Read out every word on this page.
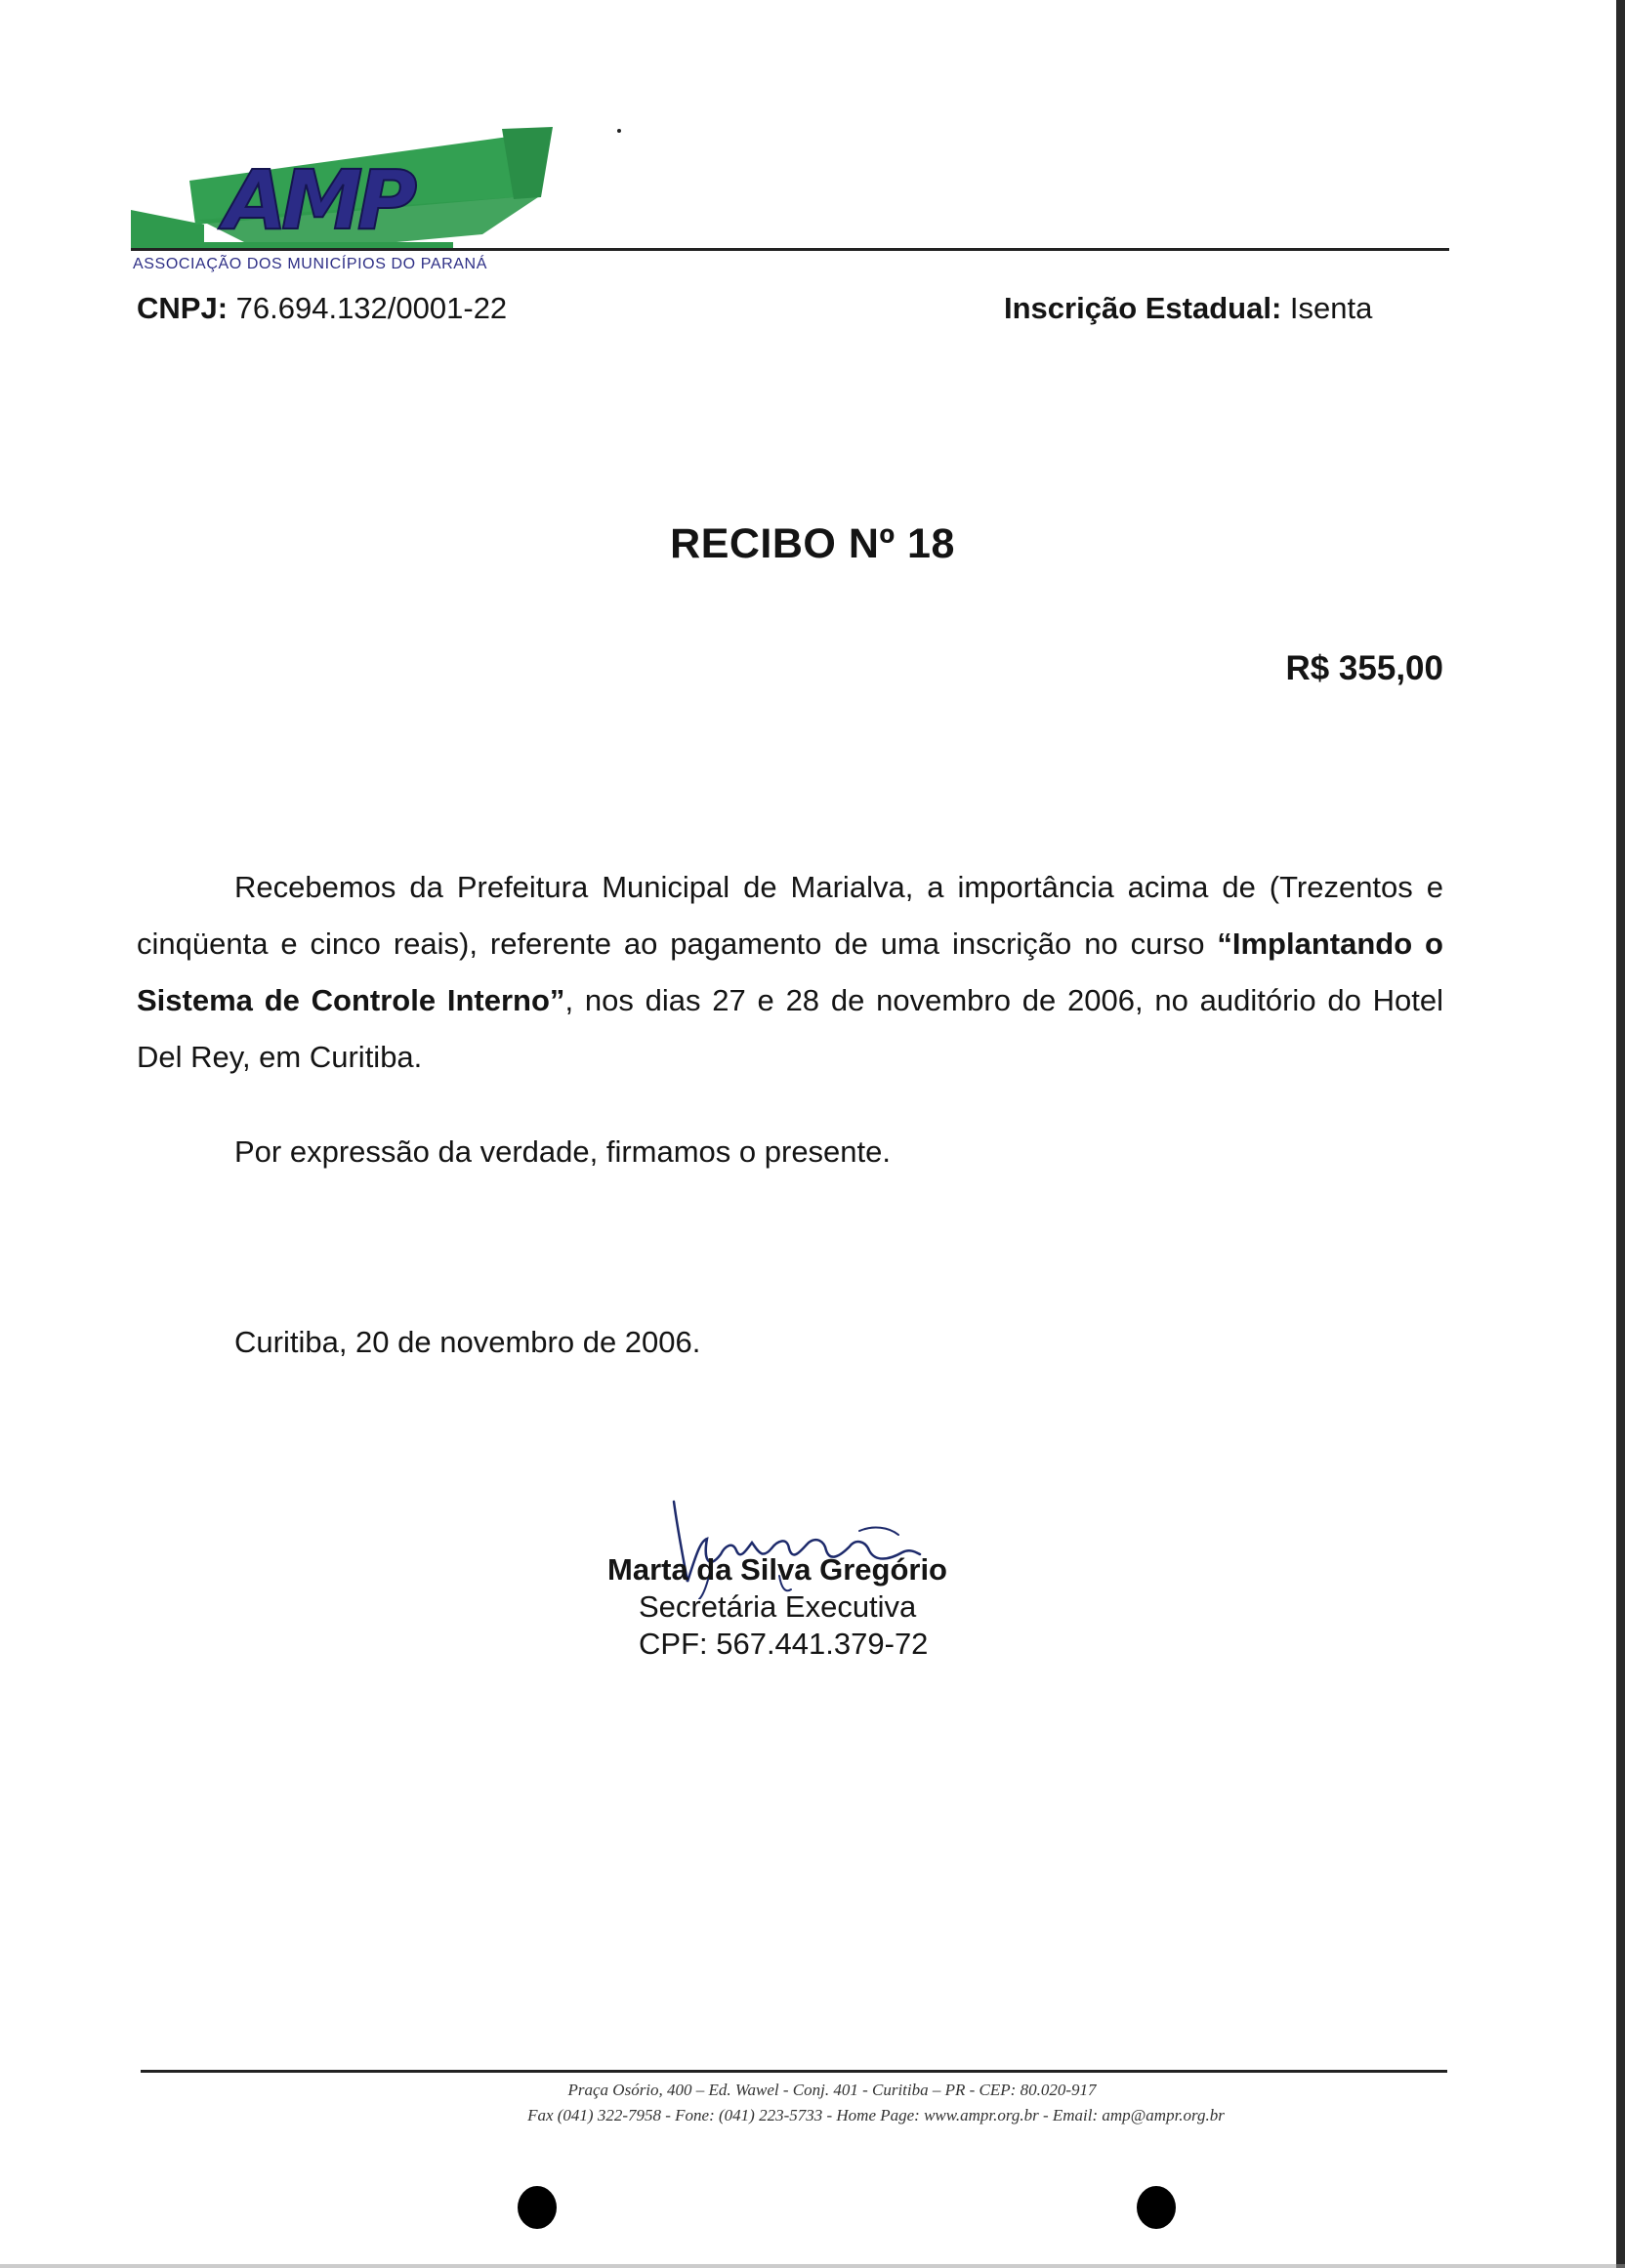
AMP
ASSOCIAÇÃO DOS MUNICÍPIOS DO PARANÁ
CNPJ: 76.694.132/0001-22	Inscrição Estadual: Isenta
RECIBO Nº 18
R$ 355,00

Recebemos da Prefeitura Municipal de Marialva, a importância acima de (Trezentos e cinqüenta e cinco reais), referente ao pagamento de uma inscrição no curso “Implantando o Sistema de Controle Interno”, nos dias 27 e 28 de novembro de 2006, no auditório do Hotel Del Rey, em Curitiba.

Por expressão da verdade, firmamos o presente.
Curitiba, 20 de novembro de 2006.
Marta da Silva Gregório
Secretária Executiva
CPF: 567.441.379-72
Praça Osório, 400 – Ed. Wawel - Conj. 401 - Curitiba – PR - CEP: 80.020-917
Fax (041) 322-7958 - Fone: (041) 223-5733 - Home Page: www.ampr.org.br - Email: amp@ampr.org.br
